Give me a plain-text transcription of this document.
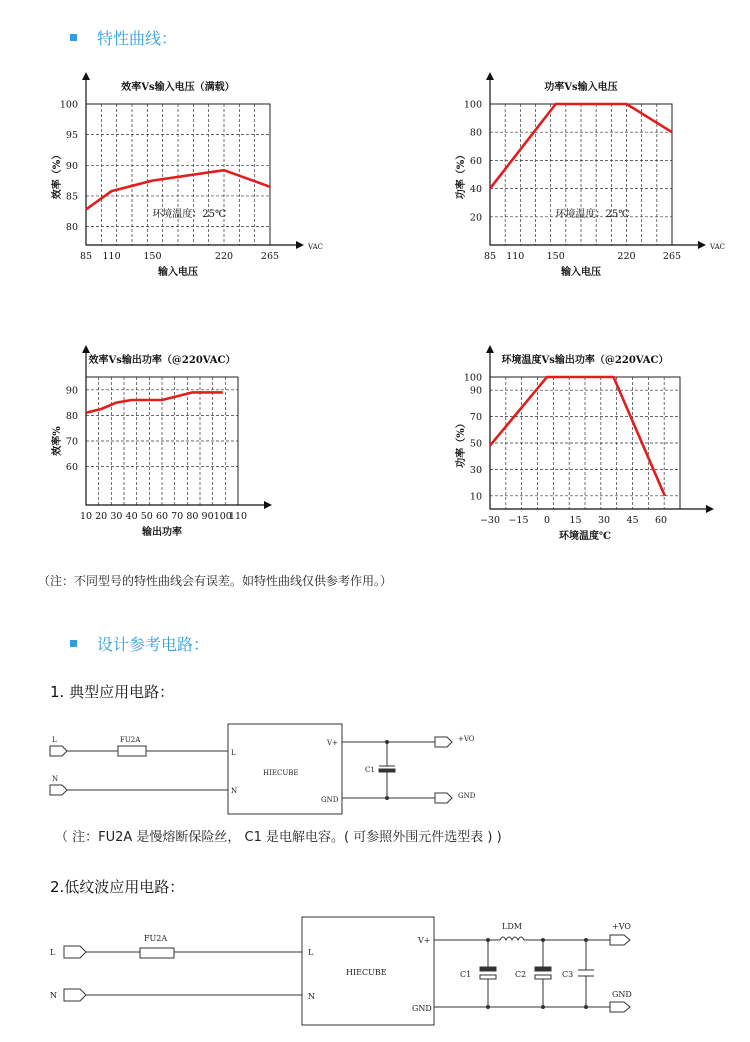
特性曲线：
85 110 150	220	265
80
85
90
95
100
效率Vs输入电压（满载）
输入电压
VAC
效率（%）
环境温度：25℃
85 110 150	220	265
20
40
60
80
100
功率Vs输入电压
输入电压
VAC
功率（%）
环境温度：25℃
10 20 30 40 50 60 70 80 90 100
110
60
70
80
90
效率Vs输出功率（@220VAC）
输出功率
效率%
−30 −15 0 15 30 45 60
10
30
50
70
90
100
环境温度Vs输出功率（@220VAC）
环境温度℃
功率（%）
（注：不同型号的特性曲线会有误差。如特性曲线仅供参考作用。）
设计参考电路：
1. 典型应用电路：
L
N
FU2A
L
N
V+
GND
HIECUBE	C1
+VO
GND
（ 注：FU2A 是慢熔断保险丝， C1 是电解电容。( 可参照外围元件选型表 ) )
2.低纹波应用电路：
L
N
FU2A
L
N
V+
GND
HIECUBE
LDM
C1	C2	C3
+VO
GND
